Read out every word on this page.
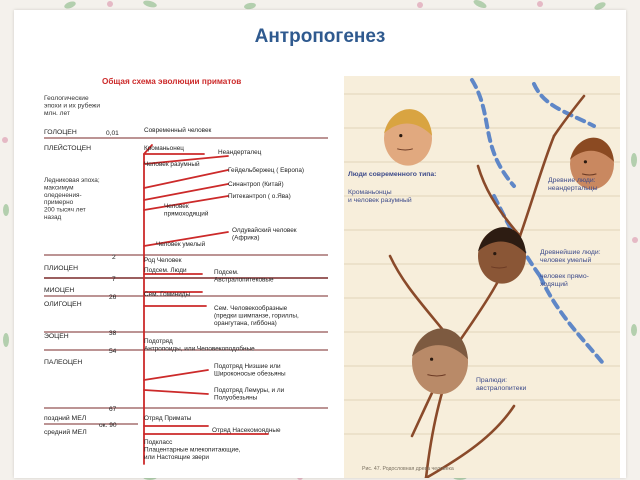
Антропогенез
Общая схема эволюции приматов
Геологические эпохи и их рубежи млн. лет
ГОЛОЦЕН
ПЛЕЙСТОЦЕН
ПЛИОЦЕН
МИОЦЕН
ОЛИГОЦЕН
ЭОЦЕН
ПАЛЕОЦЕН
поздний МЕЛ
средний МЕЛ
Ледниковая эпоха; максимум оледенения-примерно 200 тысяч лет назад
0,01
2
7
26
38
54
67
ок. 90
Современный человек
Кроманьонец
Неандерталец
Человек разумный
Гейдельбержец ( Европа)
Синантроп (Китай)
Питекантроп ( о.Ява)
Человек прямоходящий
Олдувайский человек (Африка)
Человек умелый
Род Человек
Подсем. Люди	Подсем. Австралопитековые
Сем. Гоминиды
Сем. Человекообразные (предки шимпанзе, гориллы, орангутана, гиббона)
Подотряд Антропоиды, или Человекоподобные
Подотряд Низшие или Широконосые обезьяны
Подотряд Лемуры, и ли Полуобезьяны
Отряд Приматы
Отряд Насекомоядные
Подкласс Плацентарные млекопитающие, или Настоящие звери
Люди современного типа:
Кроманьонцы и человек разумный
Древние люди: неандертальцы
Древнейшие люди: человек умелый
человек прямо-ходящий
Пралюди: австралопитеки
Рис. 47. Родословная древа человека
